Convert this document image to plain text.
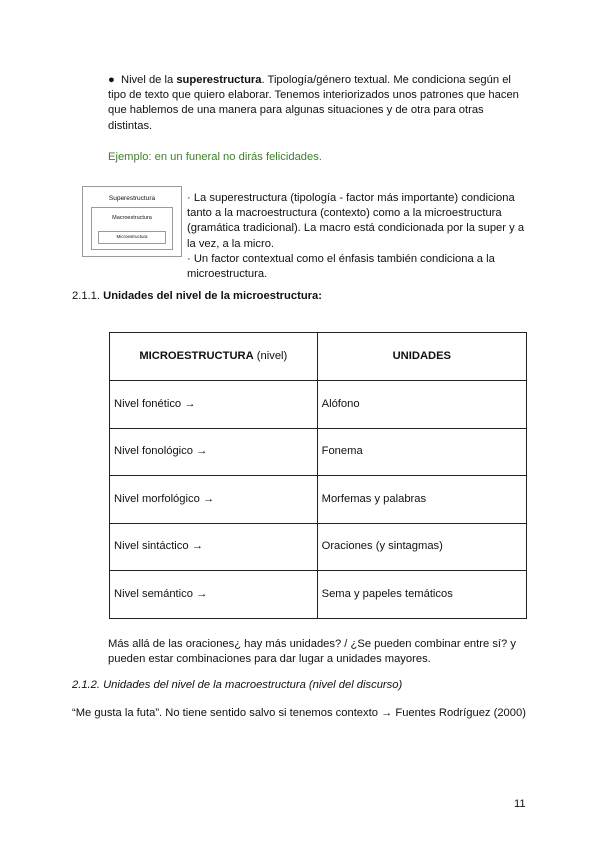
● Nivel de la superestructura. Tipología/género textual. Me condiciona según el tipo de texto que quiero elaborar. Tenemos interiorizados unos patrones que hacen que hablemos de una manera para algunas situaciones y de otra para otras distintas.
Ejemplo: en un funeral no dirás felicidades.
Superestructura
Macroestructura
Microestructura
· La superestructura (tipología - factor más importante) condiciona tanto a la macroestructura (contexto) como a la microestructura (gramática tradicional). La macro está condicionada por la super y a la vez, a la micro.
· Un factor contextual como el énfasis también condiciona a la microestructura.
2.1.1. Unidades del nivel de la microestructura:
MICROESTRUCTURA (nivel)	UNIDADES
Nivel fonético →	Alófono
Nivel fonológico →	Fonema
Nivel morfológico →	Morfemas y palabras
Nivel sintáctico →	Oraciones (y sintagmas)
Nivel semántico →	Sema y papeles temáticos
Más allá de las oraciones¿ hay más unidades? / ¿Se pueden combinar entre sí? y pueden estar combinaciones para dar lugar a unidades mayores.
2.1.2. Unidades del nivel de la macroestructura (nivel del discurso)
“Me gusta la futa”. No tiene sentido salvo si tenemos contexto → Fuentes Rodríguez (2000)
11
